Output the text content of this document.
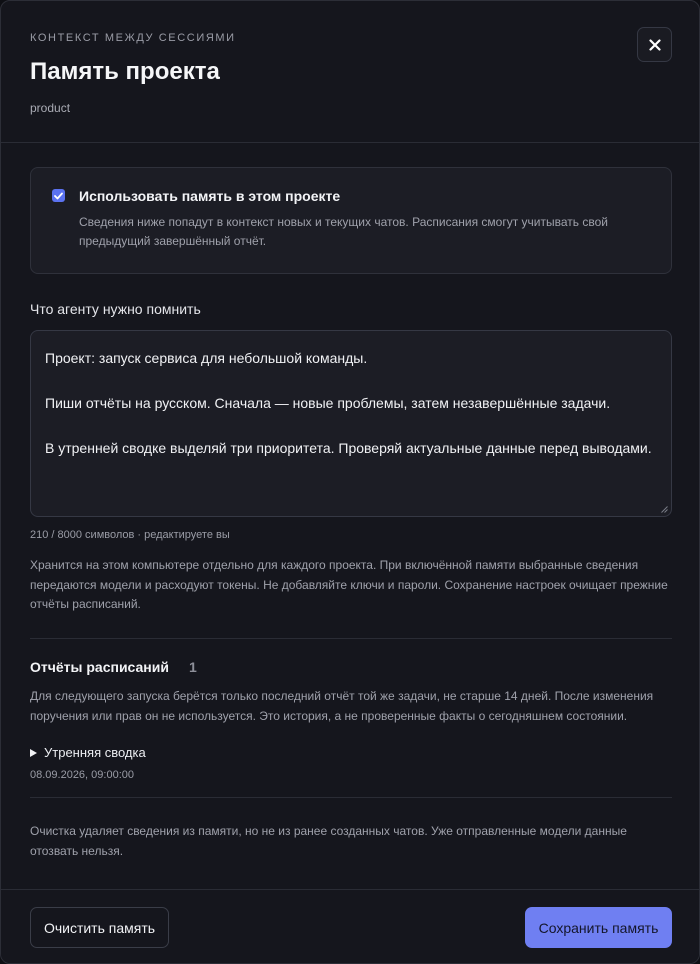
КОНТЕКСТ МЕЖДУ СЕССИЯМИ
Память проекта
product
Использовать память в этом проекте
Сведения ниже попадут в контекст новых и текущих чатов. Расписания смогут учитывать свой предыдущий завершённый отчёт.
Что агенту нужно помнить

Проект: запуск сервиса для небольшой команды.

Пиши отчёты на русском. Сначала — новые проблемы, затем незавершённые задачи.

В утренней сводке выделяй три приоритета. Проверяй актуальные данные перед выводами.

210 / 8000 символов · редактируете вы
Хранится на этом компьютере отдельно для каждого проекта. При включённой памяти выбранные сведения передаются модели и расходуют токены. Не добавляйте ключи и пароли. Сохранение настроек очищает прежние отчёты расписаний.
Отчёты расписаний 1
Для следующего запуска берётся только последний отчёт той же задачи, не старше 14 дней. После изменения поручения или прав он не используется. Это история, а не проверенные факты о сегодняшнем состоянии.
Утренняя сводка
08.09.2026, 09:00:00
Очистка удаляет сведения из памяти, но не из ранее созданных чатов. Уже отправленные модели данные отозвать нельзя.
Очистить память	Сохранить память
